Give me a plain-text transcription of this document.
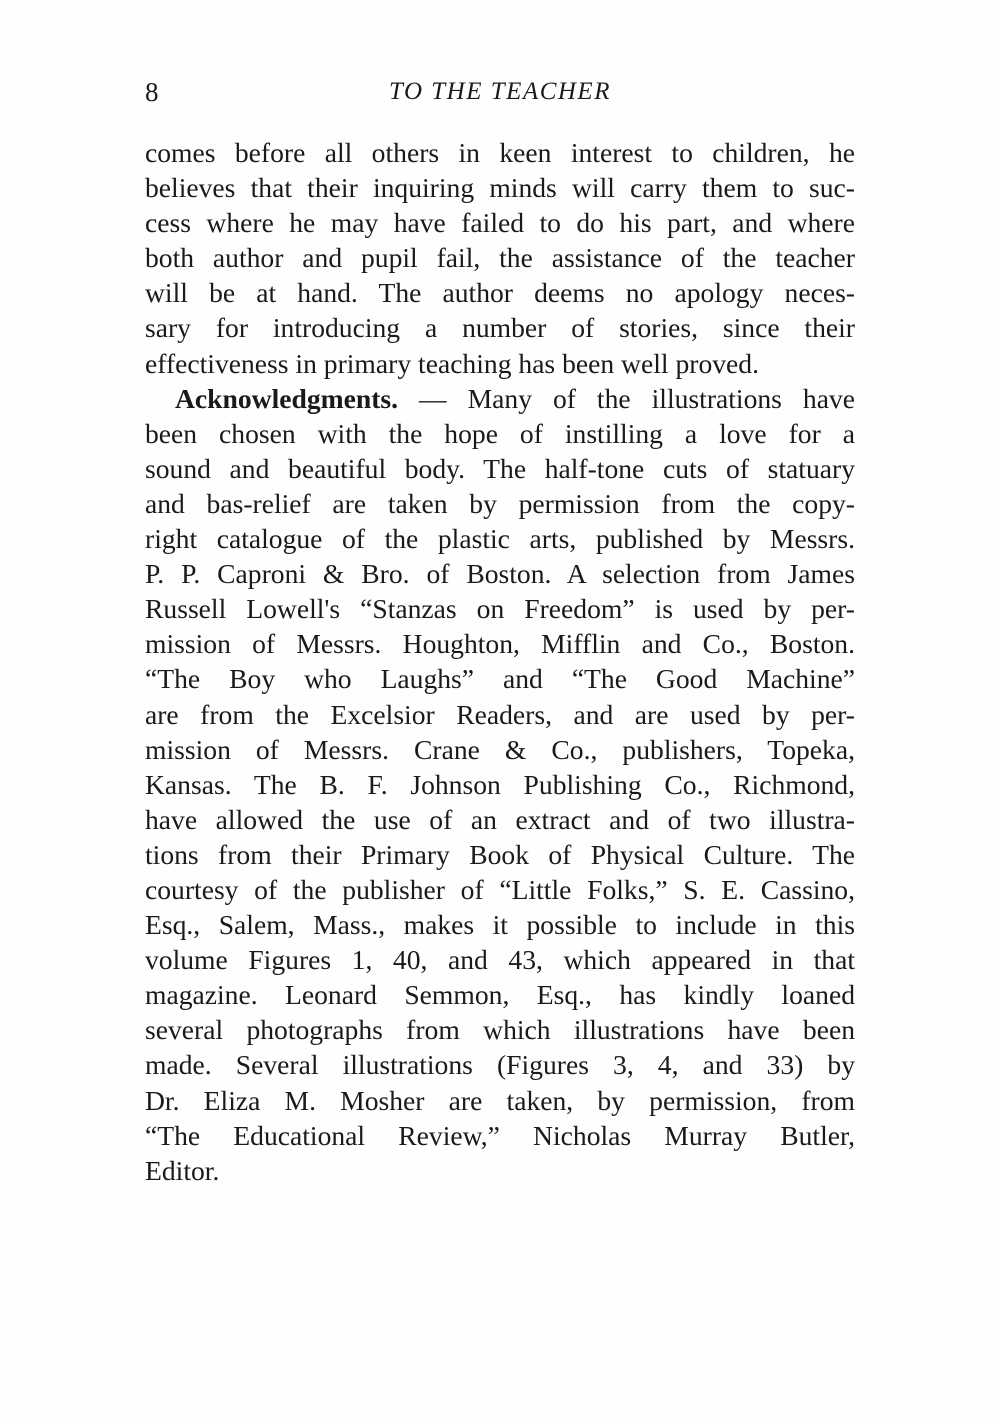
8	TO THE TEACHER
comes before all others in keen interest to children, he
believes that their inquiring minds will carry them to suc-
cess where he may have failed to do his part, and where
both author and pupil fail, the assistance of the teacher
will be at hand. The author deems no apology neces-
sary for introducing a number of stories, since their
effectiveness in primary teaching has been well proved.
Acknowledgments. — Many of the illustrations have
been chosen with the hope of instilling a love for a
sound and beautiful body. The half-tone cuts of statuary
and bas-relief are taken by permission from the copy-
right catalogue of the plastic arts, published by Messrs.
P. P. Caproni & Bro. of Boston. A selection from James
Russell Lowell's “Stanzas on Freedom” is used by per-
mission of Messrs. Houghton, Mifflin and Co., Boston.
“The Boy who Laughs” and “The Good Machine”
are from the Excelsior Readers, and are used by per-
mission of Messrs. Crane & Co., publishers, Topeka,
Kansas. The B. F. Johnson Publishing Co., Richmond,
have allowed the use of an extract and of two illustra-
tions from their Primary Book of Physical Culture. The
courtesy of the publisher of “Little Folks,” S. E. Cassino,
Esq., Salem, Mass., makes it possible to include in this
volume Figures 1, 40, and 43, which appeared in that
magazine. Leonard Semmon, Esq., has kindly loaned
several photographs from which illustrations have been
made. Several illustrations (Figures 3, 4, and 33) by
Dr. Eliza M. Mosher are taken, by permission, from
“The Educational Review,” Nicholas Murray Butler,
Editor.
